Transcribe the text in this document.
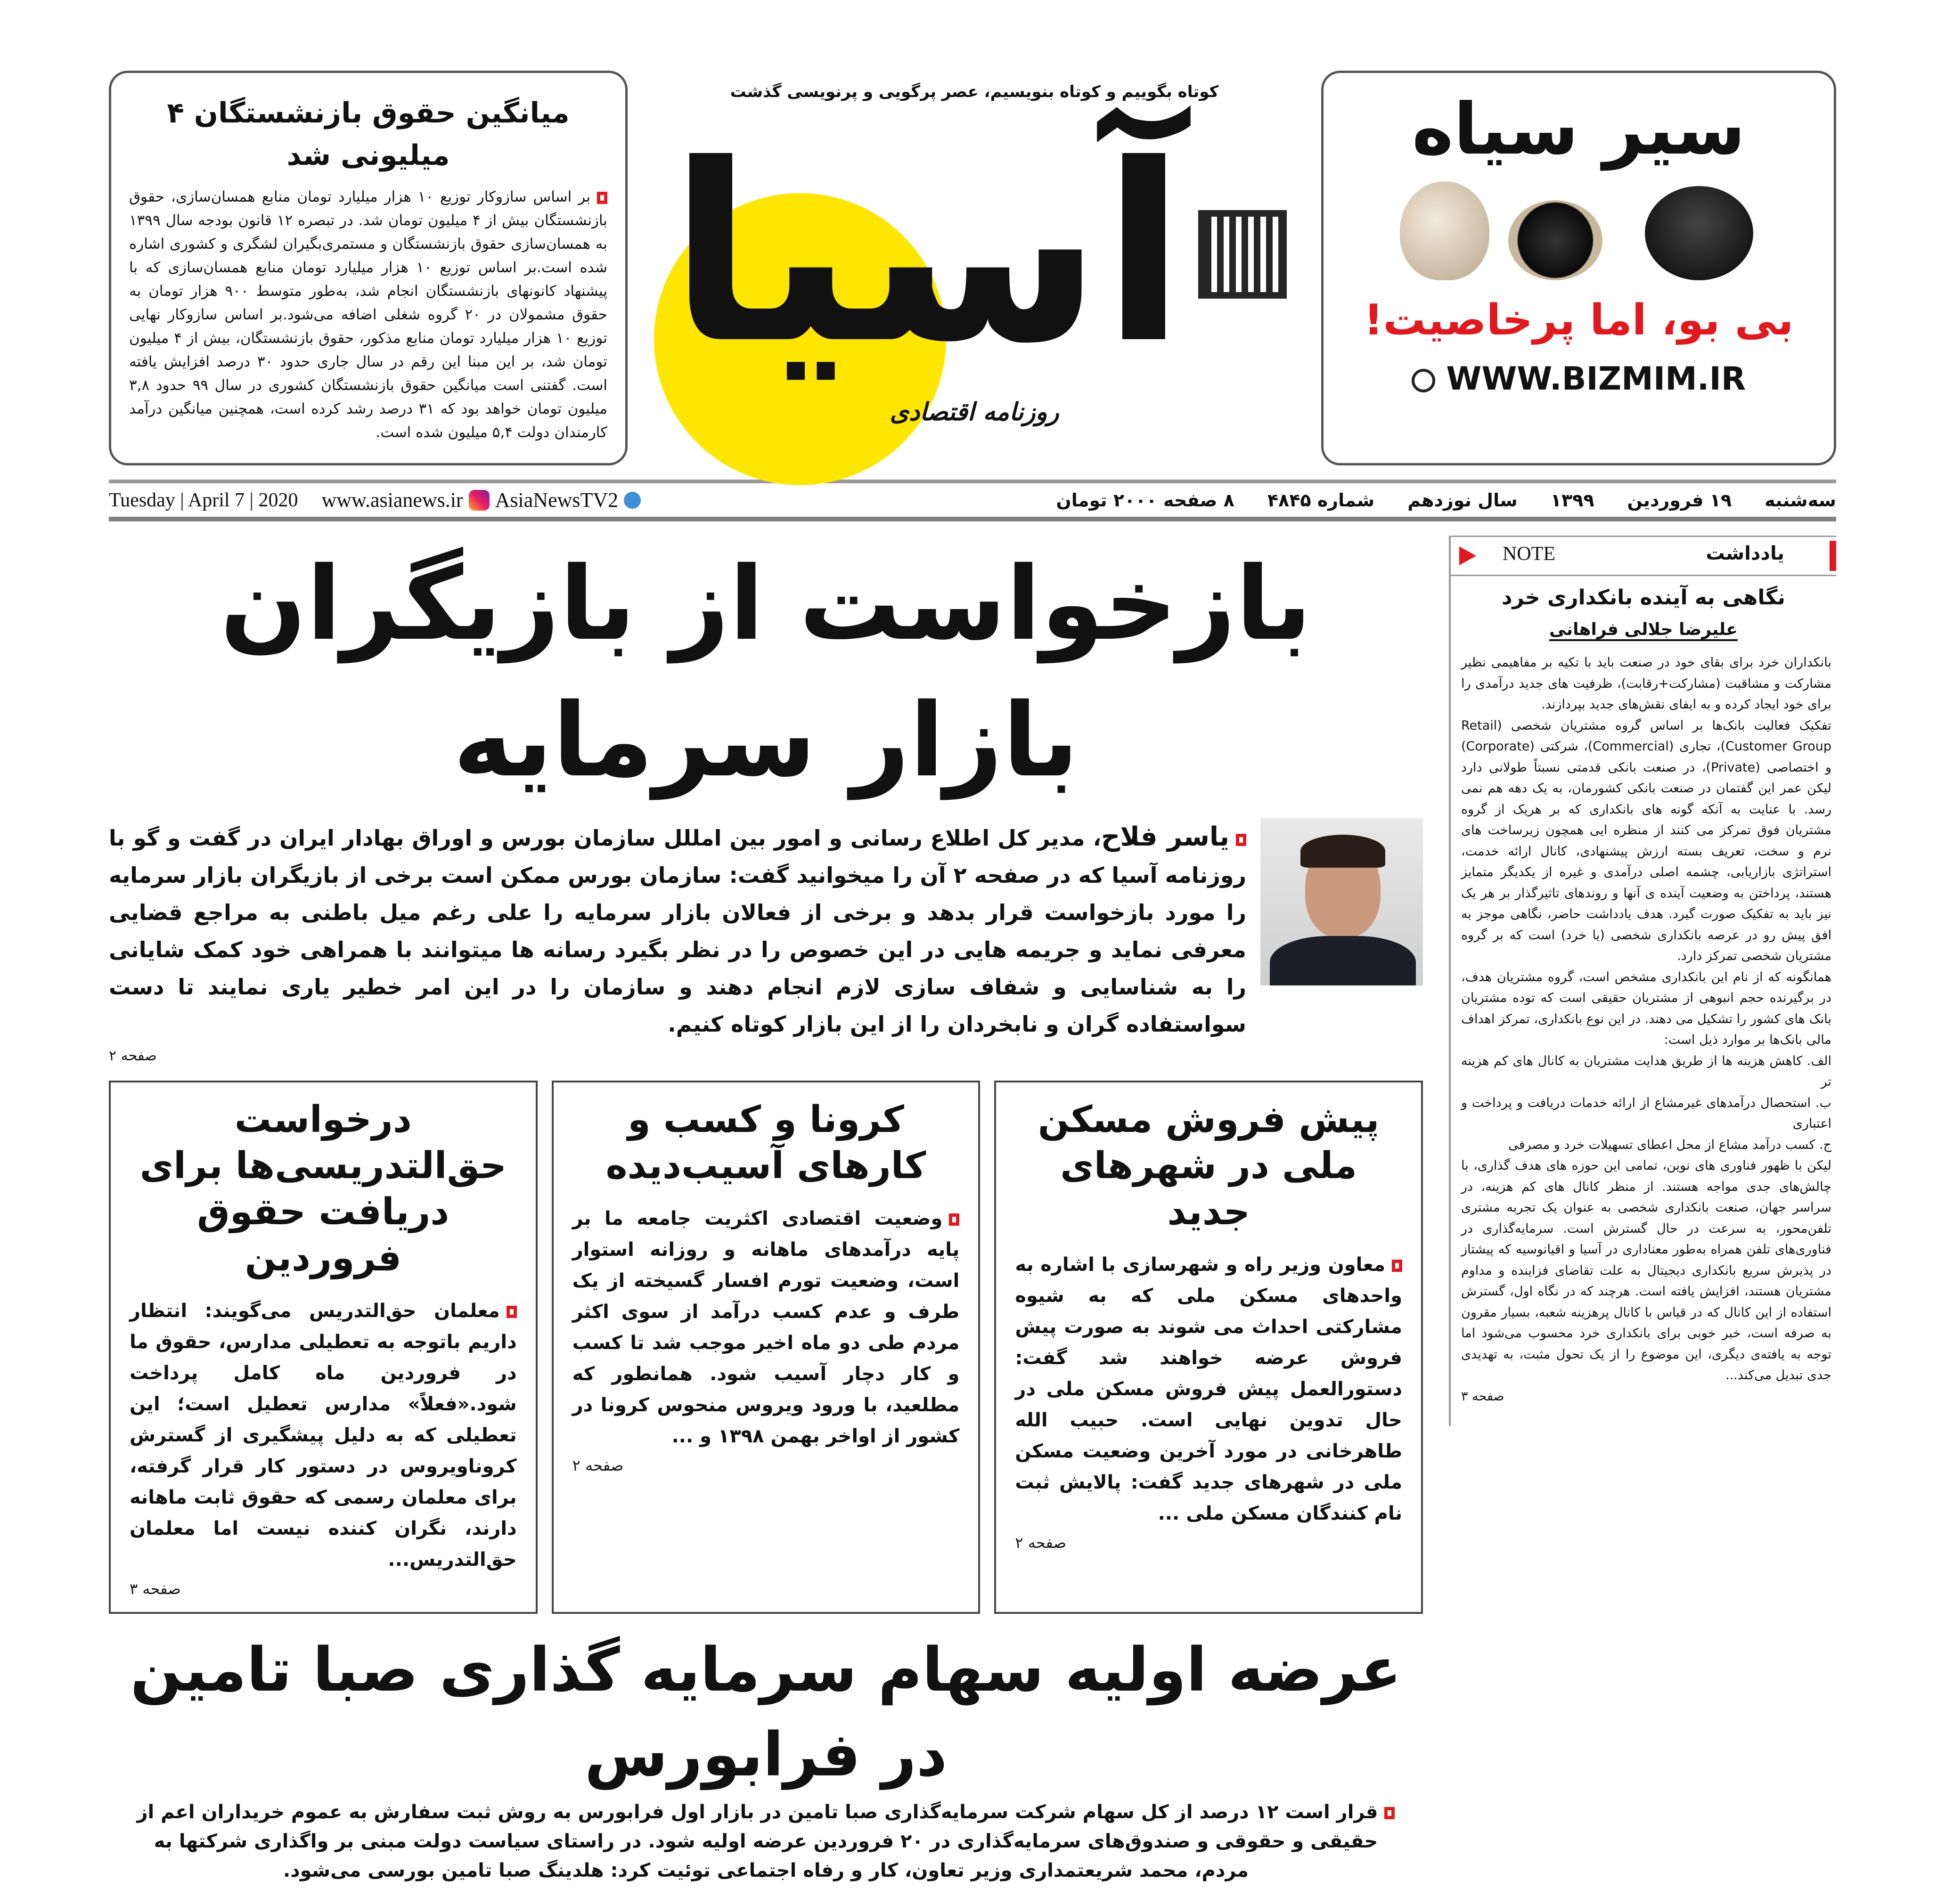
میانگین حقوق بازنشستگان ۴ میلیونی شد
بر اساس سازوکار توزیع ۱۰ هزار میلیارد تومان منابع همسان‌سازی، حقوق بازنشستگان بیش از ۴ میلیون تومان شد. در تبصره ۱۲ قانون بودجه سال ۱۳۹۹ به همسان‌سازی حقوق بازنشستگان و مستمری‌بگیران لشگری و کشوری اشاره شده است.بر اساس توزیع ۱۰ هزار میلیارد تومان منابع همسان‌سازی که با پیشنهاد کانونهای بازنشستگان انجام شد، به‌طور متوسط ۹۰۰ هزار تومان به حقوق مشمولان در ۲۰ گروه شغلی اضافه می‌شود.بر اساس سازوکار نهایی توزیع ۱۰ هزار میلیارد تومان منابع مذکور، حقوق بازنشستگان، بیش از ۴ میلیون تومان شد، بر این مبنا این رقم در سال جاری حدود ۳۰ درصد افزایش یافته است. گفتنی است میانگین حقوق بازنشستگان کشوری در سال ۹۹ حدود ۳,۸ میلیون تومان خواهد بود که ۳۱ درصد رشد کرده است، همچنین میانگین درآمد کارمندان دولت ۵,۴ میلیون شده است.
کوتاه بگوییم و کوتاه بنویسیم، عصر پرگویی و پرنویسی گذشت
آسیا
روزنامه اقتصادی
سیر سیاه
بی بو، اما پرخاصیت!
WWW.BIZMIM.IR
Tuesday | April 7 | 2020 www.asianews.ir AsiaNewsTV2	سه‌شنبه
۱۹ فروردین
۱۳۹۹
سال نوزدهم
شماره ۴۸۴۵
۸ صفحه ۲۰۰۰ تومان
بازخواست از بازیگران بازار سرمایه
یاسر فلاح، مدیر کل اطلاع رسانی و امور بین امللل سازمان بورس و اوراق بهادار ایران در گفت و گو با روزنامه آسیا که در صفحه ۲ آن را میخوانید گفت: سازمان بورس ممکن است برخی از بازیگران بازار سرمایه را مورد بازخواست قرار بدهد و برخی از فعالان بازار سرمایه را علی رغم میل باطنی به مراجع قضایی معرفی نماید و جریمه هایی در این خصوص را در نظر بگیرد رسانه ها میتوانند با همراهی خود کمک شایانی را به شناسایی و شفاف سازی لازم انجام دهند و سازمان را در این امر خطیر یاری نمایند تا دست سواستفاده گران و نابخردان را از این بازار کوتاه کنیم.
صفحه ۲
پیش فروش مسکن ملی در شهرهای جدید

معاون وزیر راه و شهرسازی با اشاره به واحدهای مسکن ملی که به شیوه مشارکتی احداث می شوند به صورت پیش فروش عرضه خواهند شد گفت: دستورالعمل پیش فروش مسکن ملی در حال تدوین نهایی است. حبیب الله طاهرخانی در مورد آخرین وضعیت مسکن ملی در شهرهای جدید گفت: پالایش ثبت نام کنندگان مسکن ملی ...

صفحه ۲
کرونا و کسب و کارهای آسیب‌دیده

وضعیت اقتصادی اکثریت جامعه ما بر پایه درآمدهای ماهانه و روزانه استوار است، وضعیت تورم افسار گسیخته از یک طرف و عدم کسب درآمد از سوی اکثر مردم طی دو ماه اخیر موجب شد تا کسب و کار دچار آسیب شود. همانطور که مطلعید، با ورود ویروس منحوس کرونا در کشور از اواخر بهمن ۱۳۹۸ و ...

صفحه ۲
درخواست حق‌التدریسی‌ها برای دریافت حقوق فروردین

معلمان حق‌التدریس می‌گویند: انتظار داریم باتوجه به تعطیلی مدارس، حقوق ما در فروردین ماه کامل پرداخت شود.«فعلاً» مدارس تعطیل است؛ این تعطیلی که به دلیل پیشگیری از گسترش کروناویروس در دستور کار قرار گرفته، برای معلمان رسمی که حقوق ثابت ماهانه دارند، نگران کننده نیست اما معلمان حق‌التدریس...

صفحه ۳
عرضه اولیه سهام سرمایه گذاری صبا تامین در فرابورس
قرار است ۱۲ درصد از کل سهام شرکت سرمایه‌گذاری صبا تامین در بازار اول فرابورس به روش ثبت سفارش به عموم خریداران اعم از حقیقی و حقوقی و صندوق‌های سرمایه‌گذاری در ۲۰ فروردین عرضه اولیه شود. در راستای سیاست دولت مبنی بر واگذاری شرکتها به مردم، محمد شریعتمداری وزیر تعاون، کار و رفاه اجتماعی توئیت کرد: هلدینگ صبا تامین بورسی می‌شود.
یادداشت
NOTE
نگاهی به آینده بانکداری خرد
علیرضا جلالی فراهانی
بانکداران خرد برای بقای خود در صنعت باید با تکیه بر مفاهیمی نظیر مشارکت و مشاقبت (مشارکت+رقابت)، ظرفیت های جدید درآمدی را برای خود ایجاد کرده و به ایفای نقش‌های جدید بپردازند.
تفکیک فعالیت بانک‌ها بر اساس گروه مشتریان شخصی (Retail Customer Group)، تجاری (Commercial)، شرکتی (Corporate) و اختصاصی (Private)، در صنعت بانکی قدمتی نسبتاً طولانی دارد لیکن عمر این گفتمان در صنعت بانکی کشورمان، به یک دهه هم نمی رسد. با عنایت به آنکه گونه های بانکداری که بر هریک از گروه مشتریان فوق تمرکز می کنند از منظره ایی همچون زیرساخت های نرم و سخت، تعریف بسته ارزش پیشنهادی، کانال ارائه خدمت، استراتژی بازاریابی، چشمه اصلی درآمدی و غیره از یکدیگر متمایز هستند، پرداختن به وضعیت آینده ی آنها و روندهای تاثیرگذار بر هر یک نیز باید به تفکیک صورت گیرد. هدف یادداشت حاضر، نگاهی موجز به افق پیش رو در عرصه بانکداری شخصی (یا خرد) است که بر گروه مشتریان شخصی تمرکز دارد.
همانگونه که از نام این بانکداری مشخص است، گروه مشتریان هدف، در برگیرنده حجم انبوهی از مشتریان حقیقی است که توده مشتریان بانک های کشور را تشکیل می دهند. در این نوع بانکداری، تمرکز اهداف مالی بانک‌ها بر موارد ذیل است:
الف. کاهش هزینه ها از طریق هدایت مشتریان به کانال های کم هزینه تر
ب. استحصال درآمدهای غیرمشاع از ارائه خدمات دریافت و پرداخت و اعتباری
ج. کسب درآمد مشاع از محل اعطای تسهیلات خرد و مصرفی
لیکن با ظهور فناوری های نوین، تمامی این حوزه های هدف گذاری، با چالش‌های جدی مواجه هستند. از منظر کانال های کم هزینه، در سراسر جهان، صنعت بانکداری شخصی به عنوان یک تجربه مشتری تلفن‌محور، به سرعت در حال گسترش است. سرمایه‌گذاری در فناوری‌های تلفن همراه به‌طور معناداری در آسیا و اقیانوسیه که پیشتاز در پذیرش سریع بانکداری دیجیتال به علت تقاضای فزاینده و مداوم مشتریان هستند، افزایش یافته است. هرچند که در نگاه اول، گسترش استفاده از این کانال که در قیاس با کانال پرهزینه شعبه، بسیار مقرون به صرفه است، خبر خوبی برای بانکداری خرد محسوب می‌شود اما توجه به یافته‌ی دیگری، این موضوع را از یک تحول مثبت، به تهدیدی جدی تبدیل می‌کند...
صفحه ۳
